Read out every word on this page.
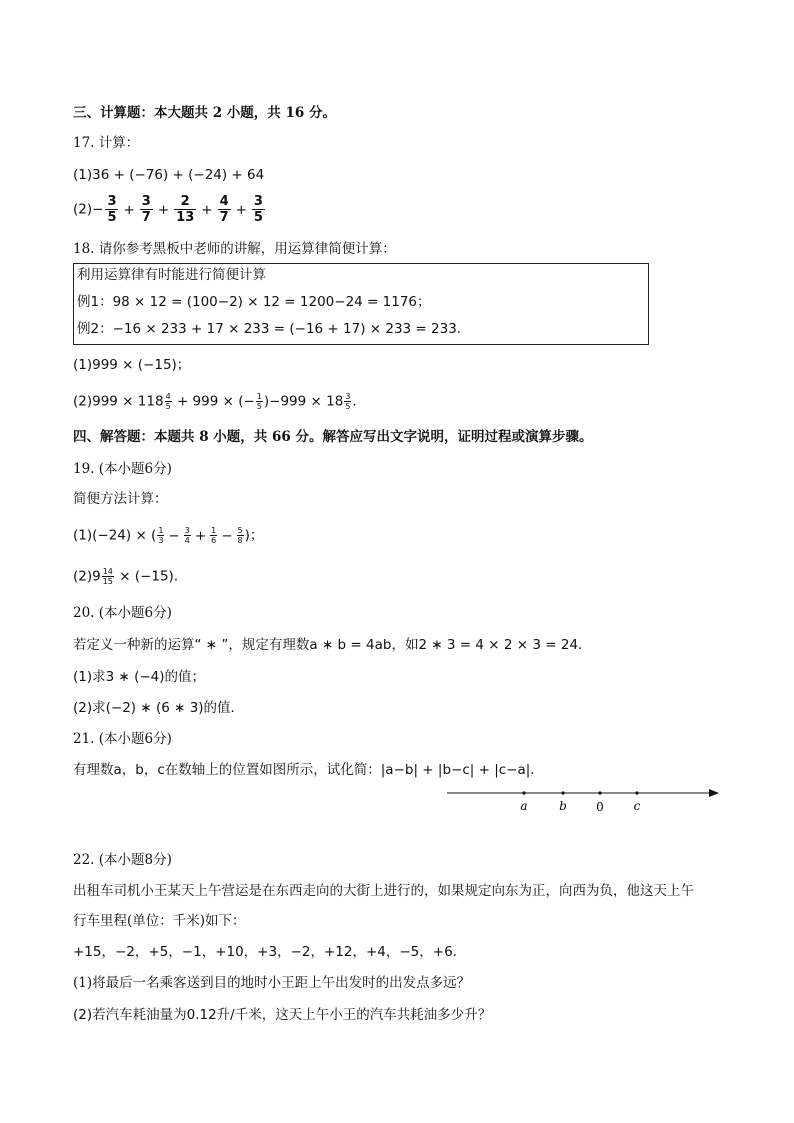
三、计算题：本大题共 2 小题，共 16 分。
17. 计算：
(1)36 + (−76) + (−24) + 64
$(2)- \frac{3}{5} + \frac{3}{7} + \frac{2}{13} + \frac{4}{7} + \frac{3}{5}$
18. 请你参考黑板中老师的讲解，用运算律简便计算：
利用运算律有时能进行简便计算
例1：98 × 12 = (100−2) × 12 = 1200−24 = 1176；
例2：−16 × 233 + 17 × 233 = (−16 + 17) × 233 = 233．
(1)999 × (−15)；
$(2)999 \times 118 \frac{4}{5} + 999$ × (− $\frac{1}{5} )-999 \times 18 \frac{3}{5}$ ．
四、解答题：本题共 8 小题，共 66 分。解答应写出文字说明，证明过程或演算步骤。
19. (本小题6分)
简便方法计算：
(1)(−24) × ( $\frac{1}{3} - \frac{3}{4} + \frac{1}{6} - \frac{5}{8}$ )；
$(2)9 \frac{14}{15} \times (-15)$．
20. (本小题6分)
若定义一种新的运算“ ∗ ”，规定有理数a ∗ b = 4ab，如2 ∗ 3 = 4 × 2 × 3 = 24．
(1)求3 ∗ (−4)的值；
(2)求(−2) ∗ (6 ∗ 3)的值．
21. (本小题6分)
有理数a，b，c在数轴上的位置如图所示，试化简：|a−b| + |b−c| + |c−a|．
a	b 0 c
22. (本小题8分)
出租车司机小王某天上午营运是在东西走向的大街上进行的，如果规定向东为正，向西为负，他这天上午
行车里程(单位：千米)如下：
+15，−2，+5，−1，+10，+3，−2，+12，+4，−5，+6．
(1)将最后一名乘客送到目的地时小王距上午出发时的出发点多远？
(2)若汽车耗油量为0.12升/千米，这天上午小王的汽车共耗油多少升？
